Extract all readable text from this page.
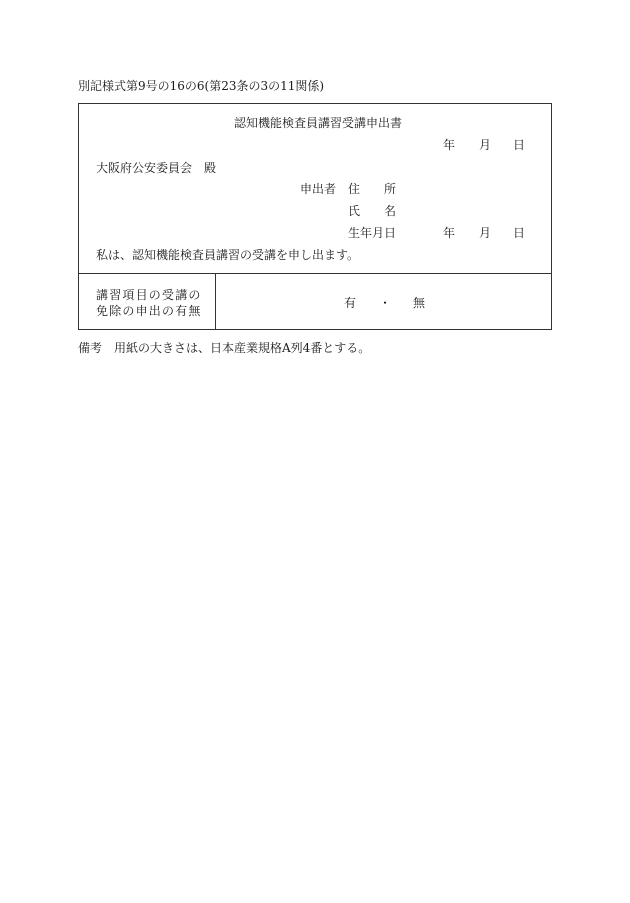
別記様式第9号の16の6(第23条の3の11関係)
認知機能検査員講習受講申出書
年 月 日
大阪府公安委員会　殿
申出者 住　　所
氏　　名
生年月日	年 月 日
私は、認知機能検査員講習の受講を申し出ます。
講習項目の受講の
免除の申出の有無
有 ・ 無
備考　用紙の大きさは、日本産業規格A列4番とする。
